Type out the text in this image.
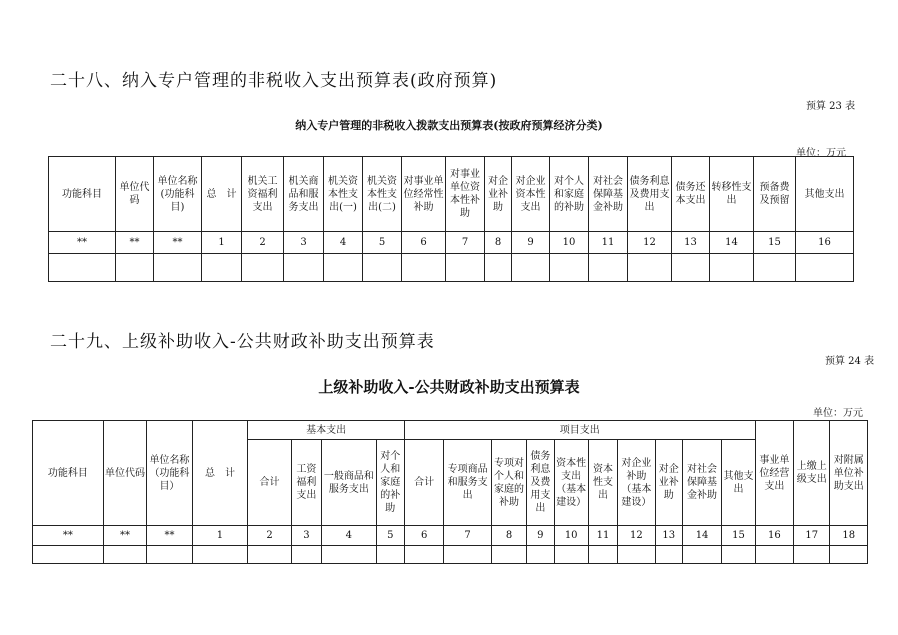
二十八、纳入专户管理的非税收入支出预算表(政府预算)
预算 23 表
纳入专户管理的非税收入拨款支出预算表(按政府预算经济分类)
单位：万元
功能科目	单位代码	单位名称(功能科目)	总　计	机关工资福利支出	机关商品和服务支出	机关资本性支出(一)	机关资本性支出(二)	对事业单位经常性补助	对事业单位资本性补助	对企业补助	对企业资本性支出	对个人和家庭的补助	对社会保障基金补助	债务利息及费用支出	债务还本支出	转移性支出	预备费及预留	其他支出
**	**	**	1	2	3	4	5	6	7	8	9	10	11	12	13	14	15	16

二十九、上级补助收入-公共财政补助支出预算表
预算 24 表
上级补助收入-公共财政补助支出预算表
单位：万元
功能科目	单位代码	单位名称（功能科目）	总　计	基本支出				项目支出										事业单位经营支出	上缴上级支出	对附属单位补助支出
				合计	工资福利支出	一般商品和服务支出	对个人和家庭的补助	合计	专项商品和服务支出	专项对个人和家庭的补助	债务利息及费用支出	资本性支出（基本建设）	资本性支出	对企业补助（基本建设）	对企业补助	对社会保障基金补助	其他支出			
**	**	**	1	2	3	4	5	6	7	8	9	10	11	12	13	14	15	16	17	18
